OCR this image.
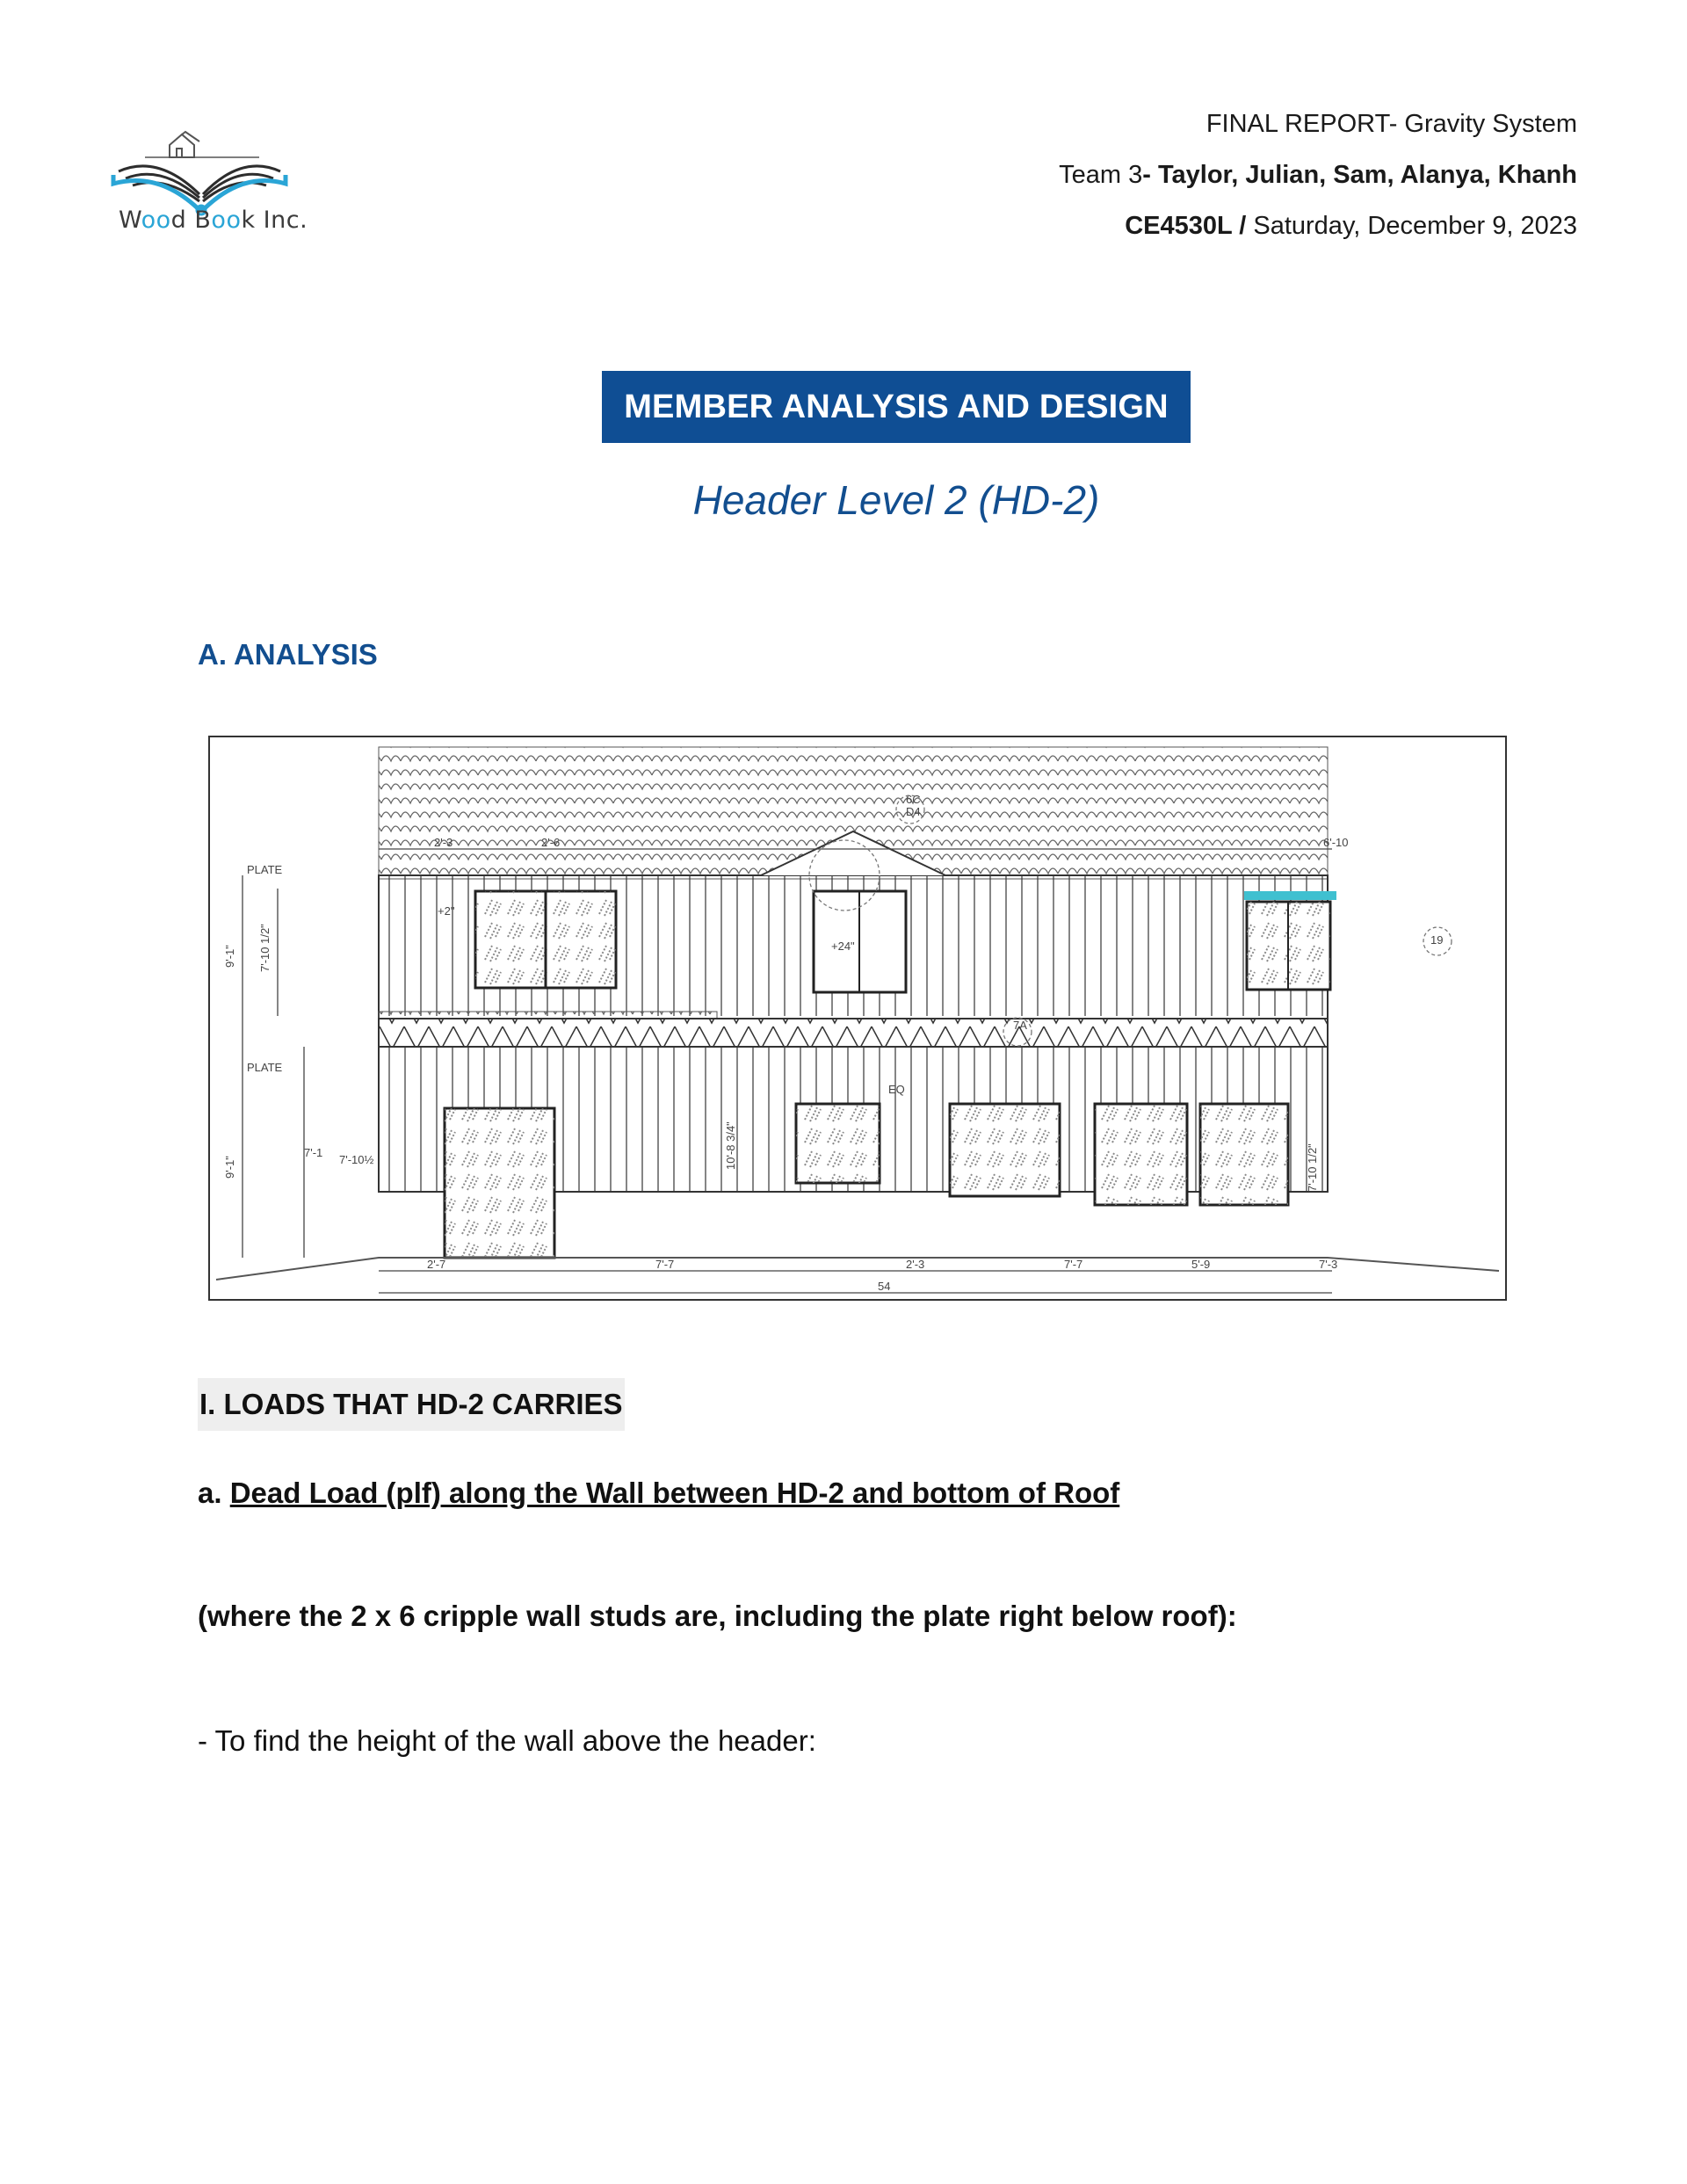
Wood Book Inc.
FINAL REPORT- Gravity System
Team 3- Taylor, Julian, Sam, Alanya, Khanh
CE4530L / Saturday, December 9, 2023
MEMBER ANALYSIS AND DESIGN
Header Level 2 (HD-2)
A. ANALYSIS
PLATE
PLATE
9'-1" 7'-10 1/2"
9'-1"
7'-1
7'-10½	10'-8 3/4"	7'-10 1/2"
2'-3	2'-6	6'-10
2'-7	7'-7	2'-3	7'-7	5'-9	7'-3
54
6C
D4
19
7A
+2"
+24"
EQ
I. LOADS THAT HD-2 CARRIES
a. Dead Load (plf) along the Wall between HD-2 and bottom of Roof
(where the 2 x 6 cripple wall studs are, including the plate right below roof):
- To find the height of the wall above the header:
